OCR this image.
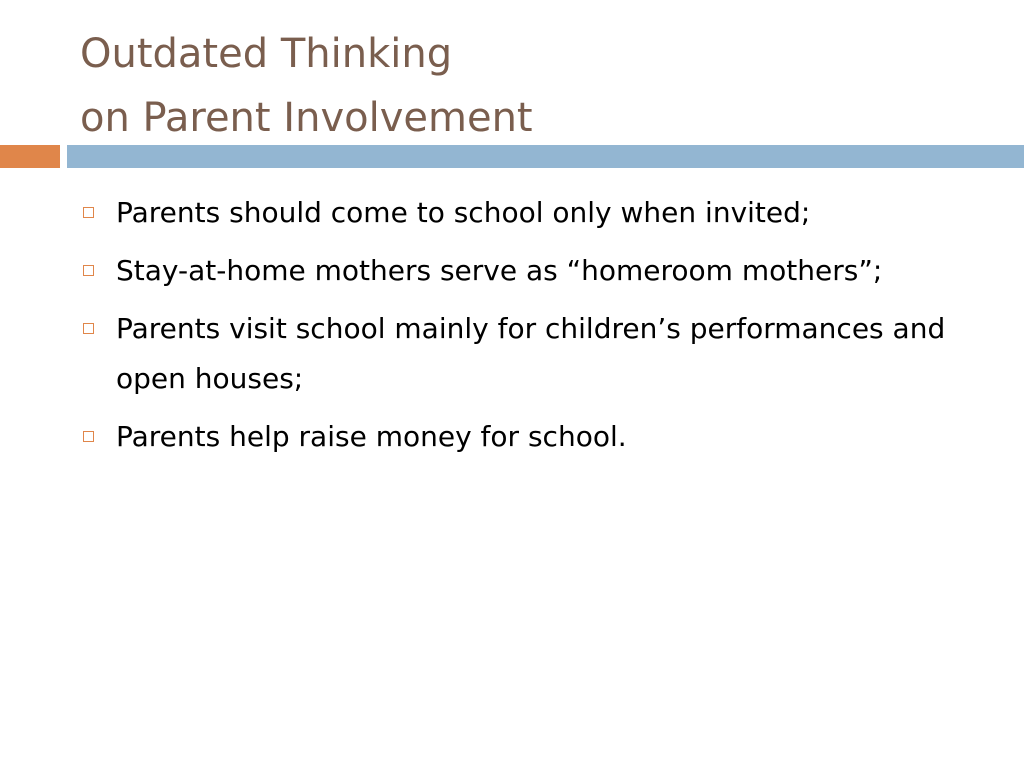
Outdated Thinking
on Parent Involvement
Parents should come to school only when invited;
Stay-at-home mothers serve as “homeroom mothers”;
Parents visit school mainly for children’s performances and open houses;
Parents help raise money for school.
